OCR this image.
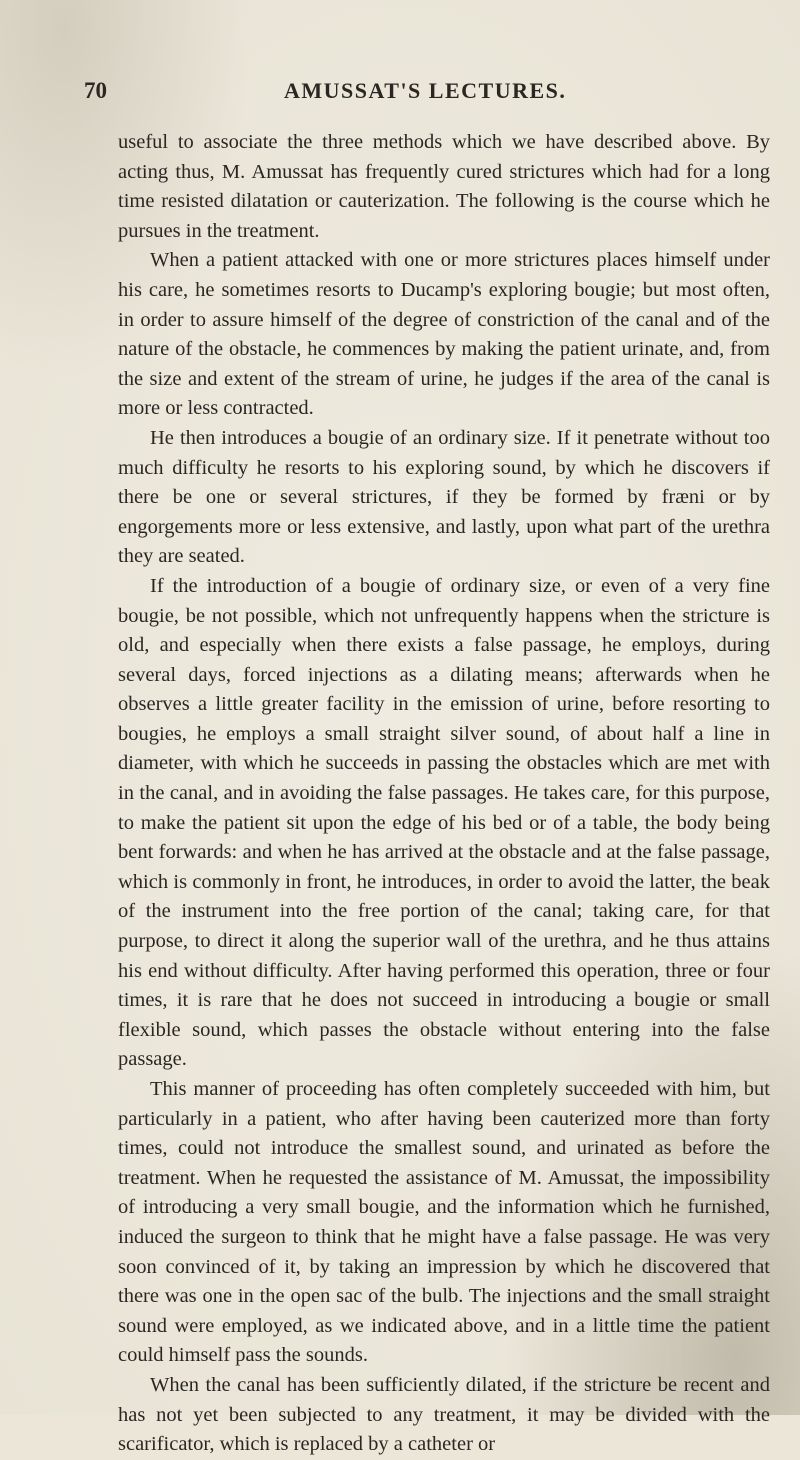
70	AMUSSAT'S LECTURES.

useful to associate the three methods which we have described above. By acting thus, M. Amussat has frequently cured strictures which had for a long time resisted dilatation or cauterization. The following is the course which he pursues in the treatment.

When a patient attacked with one or more strictures places himself under his care, he sometimes resorts to Ducamp's exploring bougie; but most often, in order to assure himself of the degree of constriction of the canal and of the nature of the obstacle, he commences by making the patient urinate, and, from the size and extent of the stream of urine, he judges if the area of the canal is more or less contracted.

He then introduces a bougie of an ordinary size. If it penetrate without too much difficulty he resorts to his exploring sound, by which he discovers if there be one or several strictures, if they be formed by fræni or by engorgements more or less extensive, and lastly, upon what part of the urethra they are seated.

If the introduction of a bougie of ordinary size, or even of a very fine bougie, be not possible, which not unfrequently happens when the stricture is old, and especially when there exists a false passage, he employs, during several days, forced injections as a dilating means; afterwards when he observes a little greater facility in the emission of urine, before resorting to bougies, he employs a small straight silver sound, of about half a line in diameter, with which he succeeds in passing the obstacles which are met with in the canal, and in avoiding the false passages. He takes care, for this purpose, to make the patient sit upon the edge of his bed or of a table, the body being bent forwards: and when he has arrived at the obstacle and at the false passage, which is commonly in front, he introduces, in order to avoid the latter, the beak of the instrument into the free portion of the canal; taking care, for that purpose, to direct it along the superior wall of the urethra, and he thus attains his end without difficulty. After having performed this operation, three or four times, it is rare that he does not succeed in introducing a bougie or small flexible sound, which passes the obstacle without entering into the false passage.

This manner of proceeding has often completely succeeded with him, but particularly in a patient, who after having been cauterized more than forty times, could not introduce the smallest sound, and urinated as before the treatment. When he requested the assistance of M. Amussat, the impossibility of introducing a very small bougie, and the information which he furnished, induced the surgeon to think that he might have a false passage. He was very soon convinced of it, by taking an impression by which he discovered that there was one in the open sac of the bulb. The injections and the small straight sound were employed, as we indicated above, and in a little time the patient could himself pass the sounds.

When the canal has been sufficiently dilated, if the stricture be recent and has not yet been subjected to any treatment, it may be divided with the scarificator, which is replaced by a catheter or
